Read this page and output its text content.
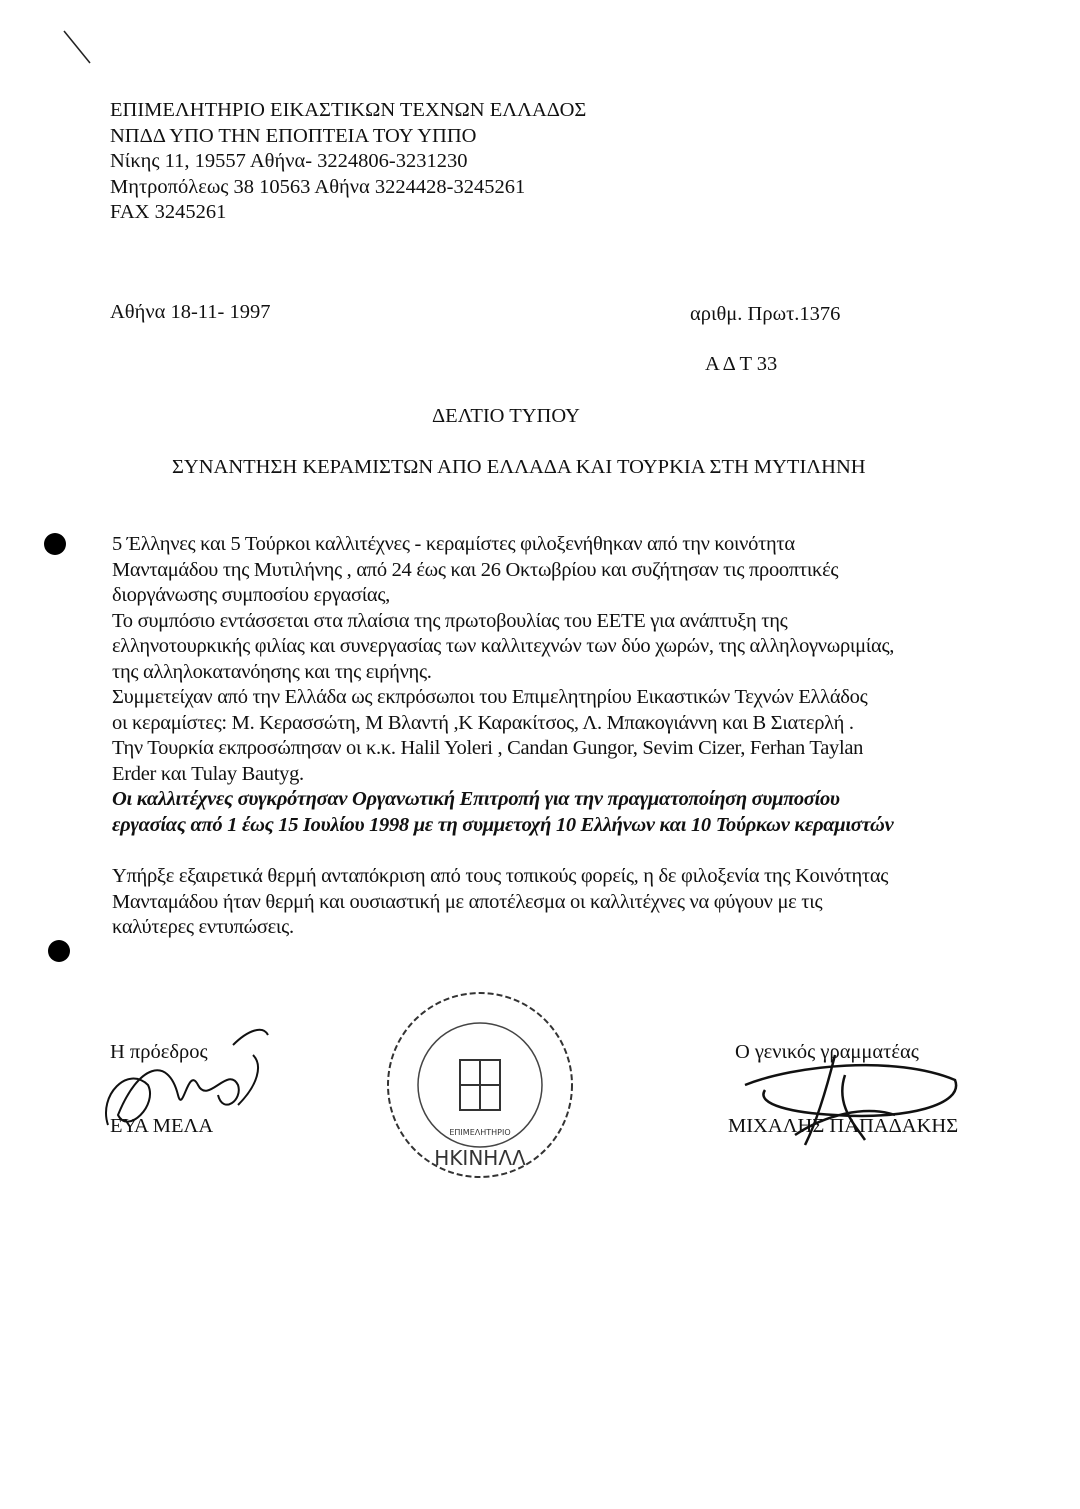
ΕΠΙΜΕΛΗΤΗΡΙΟ ΕΙΚΑΣΤΙΚΩΝ ΤΕΧΝΩΝ ΕΛΛΑΔΟΣ
ΝΠΔΔ ΥΠΟ ΤΗΝ ΕΠΟΠΤΕΙΑ ΤΟΥ ΥΠΠΟ
Νίκης 11, 19557 Αθήνα- 3224806-3231230
Μητροπόλεως 38 10563 Αθήνα 3224428-3245261
FAX 3245261
Αθήνα 18-11- 1997	αριθμ. Πρωτ.1376
Α Δ Τ 33
ΔΕΛΤΙΟ ΤΥΠΟΥ
ΣΥΝΑΝΤΗΣΗ ΚΕΡΑΜΙΣΤΩΝ ΑΠΟ ΕΛΛΑΔΑ ΚΑΙ ΤΟΥΡΚΙΑ ΣΤΗ ΜΥΤΙΛΗΝΗ
5 Έλληνες και 5 Τούρκοι καλλιτέχνες - κεραμίστες φιλοξενήθηκαν από την κοινότητα
Μανταμάδου της Μυτιλήνης , από 24 έως και 26 Οκτωβρίου και συζήτησαν τις προοπτικές
διοργάνωσης συμποσίου εργασίας,
Το συμπόσιο εντάσσεται στα πλαίσια της πρωτοβουλίας του ΕΕΤΕ για ανάπτυξη της
ελληνοτουρκικής φιλίας και συνεργασίας των καλλιτεχνών των δύο χωρών, της αλληλογνωριμίας,
της αλληλοκατανόησης και της ειρήνης.
Συμμετείχαν από την Ελλάδα ως εκπρόσωποι του Επιμελητηρίου Εικαστικών Τεχνών Ελλάδος
οι κεραμίστες: Μ. Κερασσώτη, Μ Βλαντή ,Κ Καρακίτσος, Λ. Μπακογιάννη και Β Σιατερλή .
Την Τουρκία εκπροσώπησαν οι κ.κ. Halil Yoleri , Candan Gungor, Sevim Cizer, Ferhan Taylan
Erder και Tulay Bautyg.
Οι καλλιτέχνες συγκρότησαν Οργανωτική Επιτροπή για την πραγματοποίηση συμποσίου
εργασίας από 1 έως 15 Ιουλίου 1998 με τη συμμετοχή 10 Ελλήνων και 10 Τούρκων κεραμιστών
Υπήρξε εξαιρετικά θερμή ανταπόκριση από τους τοπικούς φορείς, η δε φιλοξενία της Κοινότητας
Μανταμάδου ήταν θερμή και ουσιαστική με αποτέλεσμα οι καλλιτέχνες να φύγουν με τις
καλύτερες εντυπώσεις.
Η πρόεδρος
ΕΥΑ ΜΕΛΑ
Ο γενικός γραμματέας
ΜΙΧΑΛΗΣ ΠΑΠΑΔΑΚΗΣ
ΗΚΙΝΗΛΛ
ΕΠΙΜΕΛΗΤΗΡΙΟ
